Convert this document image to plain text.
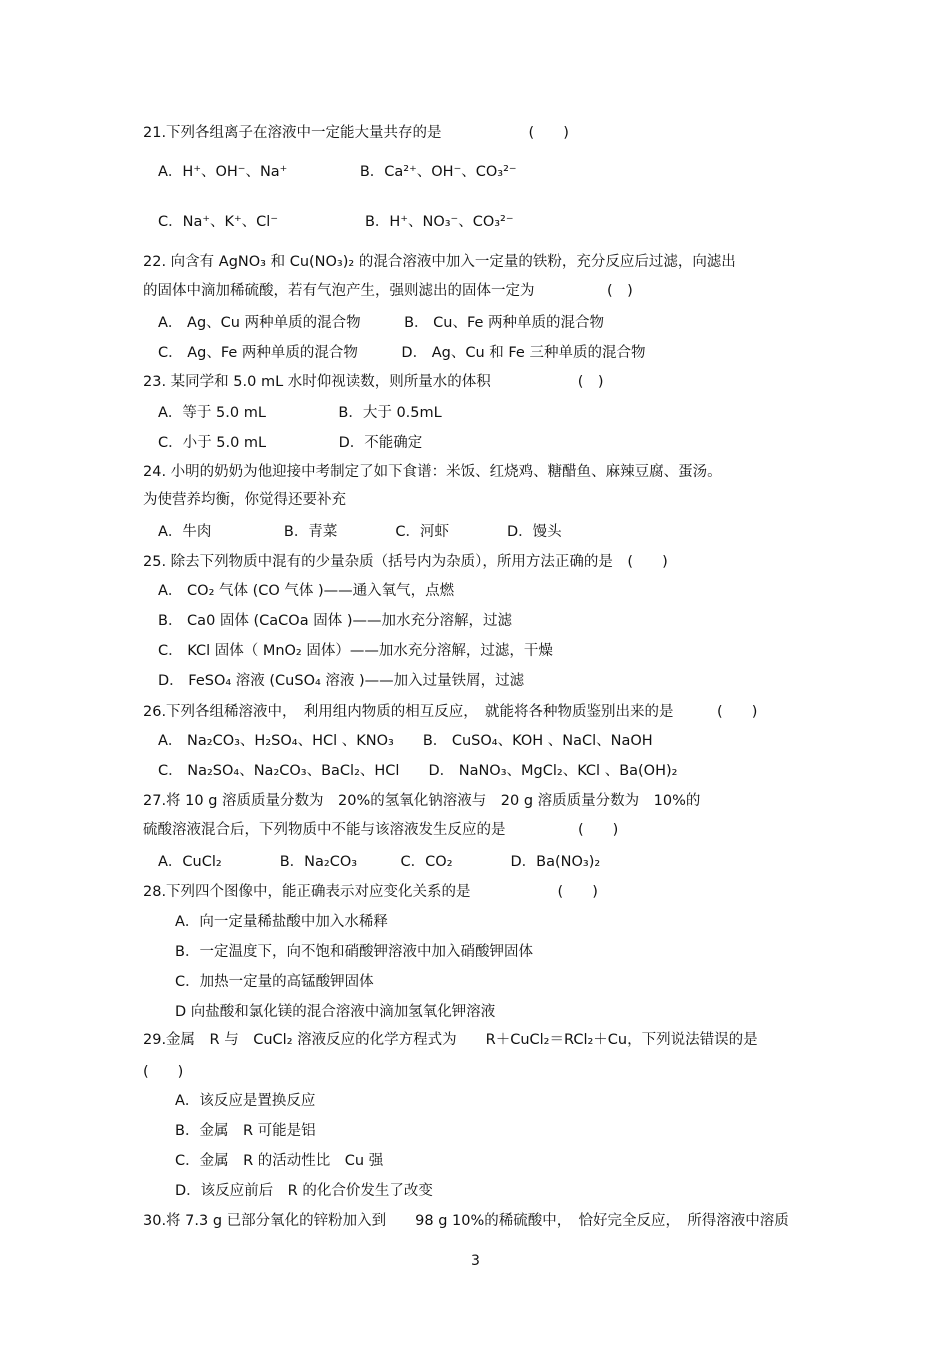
21.下列各组离子在溶液中一定能大量共存的是　　　　　　(　　)
A．H⁺、OH⁻、Na⁺　　　　　B．Ca²⁺、OH⁻、CO₃²⁻
C．Na⁺、K⁺、Cl⁻　　　　　　B．H⁺、NO₃⁻、CO₃²⁻
22. 向含有 AgNO₃ 和 Cu(NO₃)₂ 的混合溶液中加入一定量的铁粉，充分反应后过滤，向滤出
的固体中滴加稀硫酸，若有气泡产生，强则滤出的固体一定为　　　　　(　)
A． Ag、Cu 两种单质的混合物　　　B． Cu、Fe 两种单质的混合物
C． Ag、Fe 两种单质的混合物　　　D． Ag、Cu 和 Fe 三种单质的混合物
23. 某同学和 5.0 mL 水时仰视读数，则所量水的体积　　　　　　(　)
A．等于 5.0 mL　　　　　B．大于 0.5mL
C．小于 5.0 mL　　　　　D．不能确定
24. 小明的奶奶为他迎接中考制定了如下食谱：米饭、红烧鸡、糖醋鱼、麻辣豆腐、蛋汤。
为使营养均衡，你觉得还要补充
A．牛肉　　　　　B．青菜　　　　C．河虾　　　　D．馒头
25. 除去下列物质中混有的少量杂质（括号内为杂质），所用方法正确的是　(　　)
A． CO₂ 气体 (CO 气体 )——通入氧气，点燃
B． Ca0 固体 (CaCOa 固体 )——加水充分溶解，过滤
C． KCl 固体（ MnO₂ 固体）——加水充分溶解，过滤，干燥
D． FeSO₄ 溶液 (CuSO₄ 溶液 )——加入过量铁屑，过滤
26.下列各组稀溶液中，　利用组内物质的相互反应，　就能将各种物质鉴别出来的是　　　(　　)
A． Na₂CO₃、H₂SO₄、HCl 、KNO₃　　B． CuSO₄、KOH 、NaCl、NaOH
C． Na₂SO₄、Na₂CO₃、BaCl₂、HCl　　D． NaNO₃、MgCl₂、KCl 、Ba(OH)₂
27.将 10 g 溶质质量分数为　20%的氢氧化钠溶液与　20 g 溶质质量分数为　10%的
硫酸溶液混合后，下列物质中不能与该溶液发生反应的是　　　　　(　　)
A．CuCl₂　　　　B．Na₂CO₃　　　C．CO₂　　　　D．Ba(NO₃)₂
28.下列四个图像中，能正确表示对应变化关系的是　　　　　　(　　)
A．向一定量稀盐酸中加入水稀释
B．一定温度下，向不饱和硝酸钾溶液中加入硝酸钾固体
C．加热一定量的高锰酸钾固体
D 向盐酸和氯化镁的混合溶液中滴加氢氧化钾溶液
29.金属　R 与　CuCl₂ 溶液反应的化学方程式为　　R＋CuCl₂＝RCl₂＋Cu，下列说法错误的是
(　　)
A．该反应是置换反应
B．金属　R 可能是铝
C．金属　R 的活动性比　Cu 强
D．该反应前后　R 的化合价发生了改变
30.将 7.3 g 已部分氧化的锌粉加入到　　98 g 10%的稀硫酸中，　恰好完全反应，　所得溶液中溶质
3
